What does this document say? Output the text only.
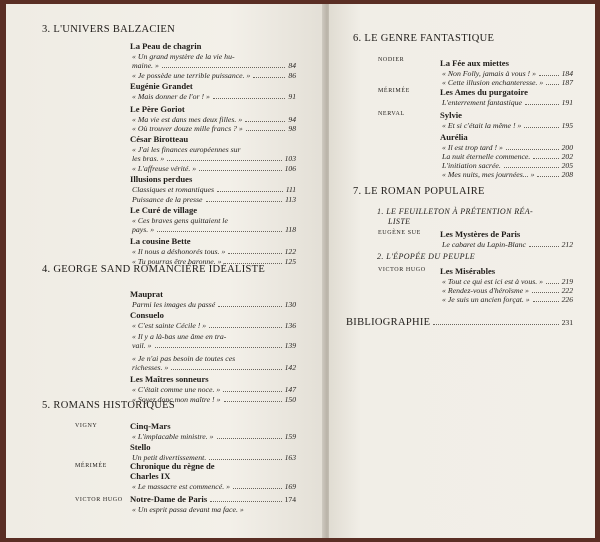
3. L'UNIVERS BALZACIEN
La Peau de chagrin
« Un grand mystère de la vie hu-
maine. »	84
« Je possède une terrible puissance. »	86
Eugénie Grandet
« Mais donner de l'or ! »	91
Le Père Goriot
« Ma vie est dans mes deux filles. »	94
« Où trouver douze mille francs ? »	98
César Birotteau
« J'ai les finances européennes sur
les bras. »	103
« L'affreuse vérité. »	106
Illusions perdues
Classiques et romantiques	111
Puissance de la presse	113
Le Curé de village
« Ces braves gens quittaient le
pays. »	118
La cousine Bette
« Il nous a déshonorés tous. »	122
« Tu pourras être baronne. »	125
4. GEORGE SAND ROMANCIÈRE IDÉALISTE
Mauprat
Parmi les images du passé	130
Consuelo
« C'est sainte Cécile ! »	136
« Il y a là-bas une âme en tra-
vail. »	139
« Je n'ai pas besoin de toutes ces
richesses. »	142
Les Maîtres sonneurs
« C'était comme une noce. »	147
« Soyez donc mon maître ! »	150
5. ROMANS HISTORIQUES
VIGNY	Cinq-Mars
« L'implacable ministre. »	159
Stello
Un petit divertissement.	163
MÉRIMÉE	Chronique du règne de
Charles IX
« Le massacre est commencé. »	169
VICTOR HUGO Notre-Dame de Paris	174
« Un esprit passa devant ma face. »
6. LE GENRE FANTASTIQUE
NODIER	La Fée aux miettes
« Non Folly, jamais à vous ! »	184
« Cette illusion enchanteresse. » 187
MÉRIMÉE	Les Ames du purgatoire
L'enterrement fantastique	191
NERVAL	Sylvie
« Et si c'était la même ! »	195
Aurélia
« Il est trop tard ! »	200
La nuit éternelle commence.	202
L'initiation sacrée.	205
« Mes nuits, mes journées... »	208
7. LE ROMAN POPULAIRE
1. LE FEUILLETON À PRÉTENTION RÉA-
LISTE
EUGÈNE SUE Les Mystères de Paris
Le cabaret du Lapin-Blanc	212
2. L'ÉPOPÉE DU PEUPLE
VICTOR HUGO Les Misérables
« Tout ce qui est ici est à vous. » 219
« Rendez-vous d'héroïsme »	222
« Je suis un ancien forçat. »	226
BIBLIOGRAPHIE	231
